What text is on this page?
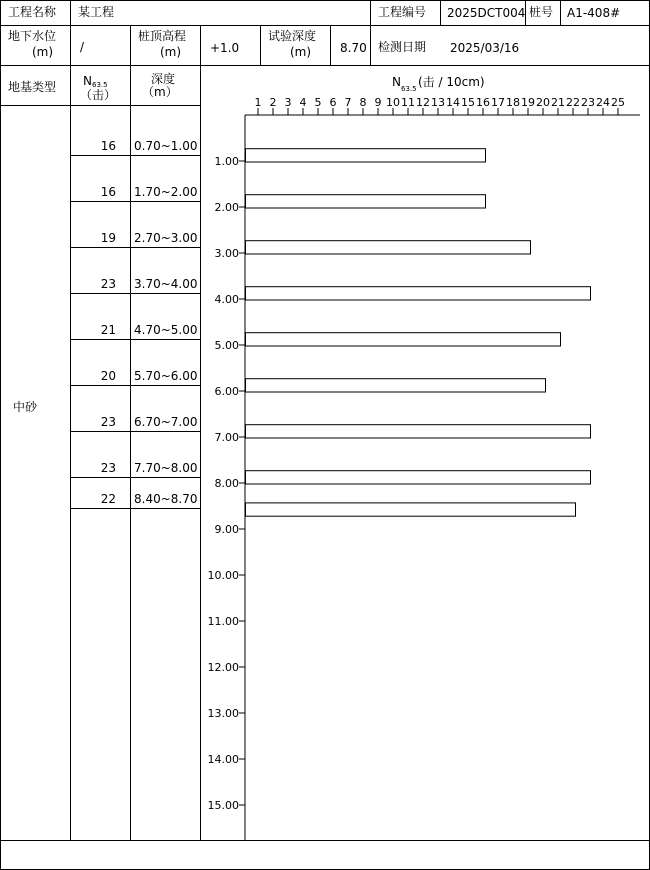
工程名称 某工程	工程编号 2025DCT004 桩号 A1-408#
地下水位
(m) /
桩顶高程
(m) +1.0
试验深度
(m) 8.70 检测日期 2025/03/16
地基类型 N 63.5
（击）
深度
（m）
中砂
16 0.70~1.00
16 1.70~2.00
19 2.70~3.00
23 3.70~4.00
21 4.70~5.00
20 5.70~6.00
23 6.70~7.00
23 7.70~8.00
22 8.40~8.70
N 63.5 (击 / 10cm)
1 2 3 4 5 6 7 8 9 10 11 12 13 14 15 16 17 18 19 20 21 22 23 24 25
1.00
2.00
3.00
4.00
5.00
6.00
7.00
8.00
9.00
10.00
11.00
12.00
13.00
14.00
15.00
